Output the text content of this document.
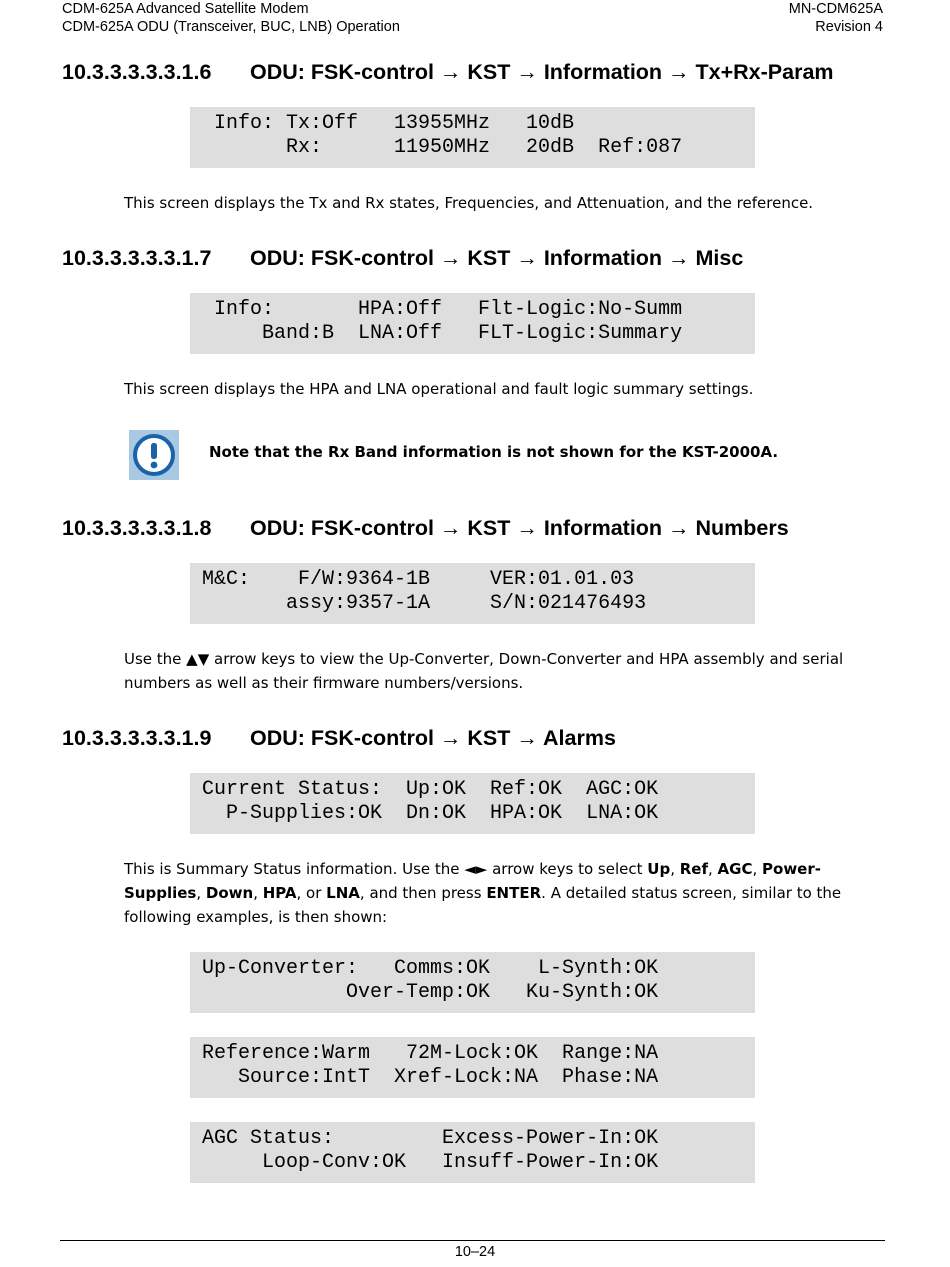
CDM-625A Advanced Satellite Modem
CDM-625A ODU (Transceiver, BUC, LNB) Operation
MN-CDM625A
Revision 4
10.3.3.3.3.3.1.6 ODU: FSK-control → KST → Information → Tx+Rx-Param
Info: Tx:Off   13955MHz   10dB
Rx:      11950MHz   20dB  Ref:087
This screen displays the Tx and Rx states, Frequencies, and Attenuation, and the reference.
10.3.3.3.3.3.1.7 ODU: FSK-control → KST → Information → Misc
Info:       HPA:Off   Flt-Logic:No-Summ
Band:B  LNA:Off   FLT-Logic:Summary
This screen displays the HPA and LNA operational and fault logic summary settings.
Note that the Rx Band information is not shown for the KST-2000A.
10.3.3.3.3.3.1.8 ODU: FSK-control → KST → Information → Numbers
M&C:    F/W:9364-1B     VER:01.01.03
assy:9357-1A     S/N:021476493
Use the ▲▼ arrow keys to view the Up-Converter, Down-Converter and HPA assembly and serial numbers as well as their firmware numbers/versions.
10.3.3.3.3.3.1.9 ODU: FSK-control → KST → Alarms
Current Status:  Up:OK  Ref:OK  AGC:OK
P-Supplies:OK  Dn:OK  HPA:OK  LNA:OK
This is Summary Status information. Use the ◄► arrow keys to select Up, Ref, AGC, Power-Supplies, Down, HPA, or LNA, and then press ENTER. A detailed status screen, similar to the following examples, is then shown:
Up-Converter:   Comms:OK    L-Synth:OK
Over-Temp:OK   Ku-Synth:OK
Reference:Warm   72M-Lock:OK  Range:NA
Source:IntT  Xref-Lock:NA  Phase:NA
AGC Status:         Excess-Power-In:OK
Loop-Conv:OK   Insuff-Power-In:OK
10–24
